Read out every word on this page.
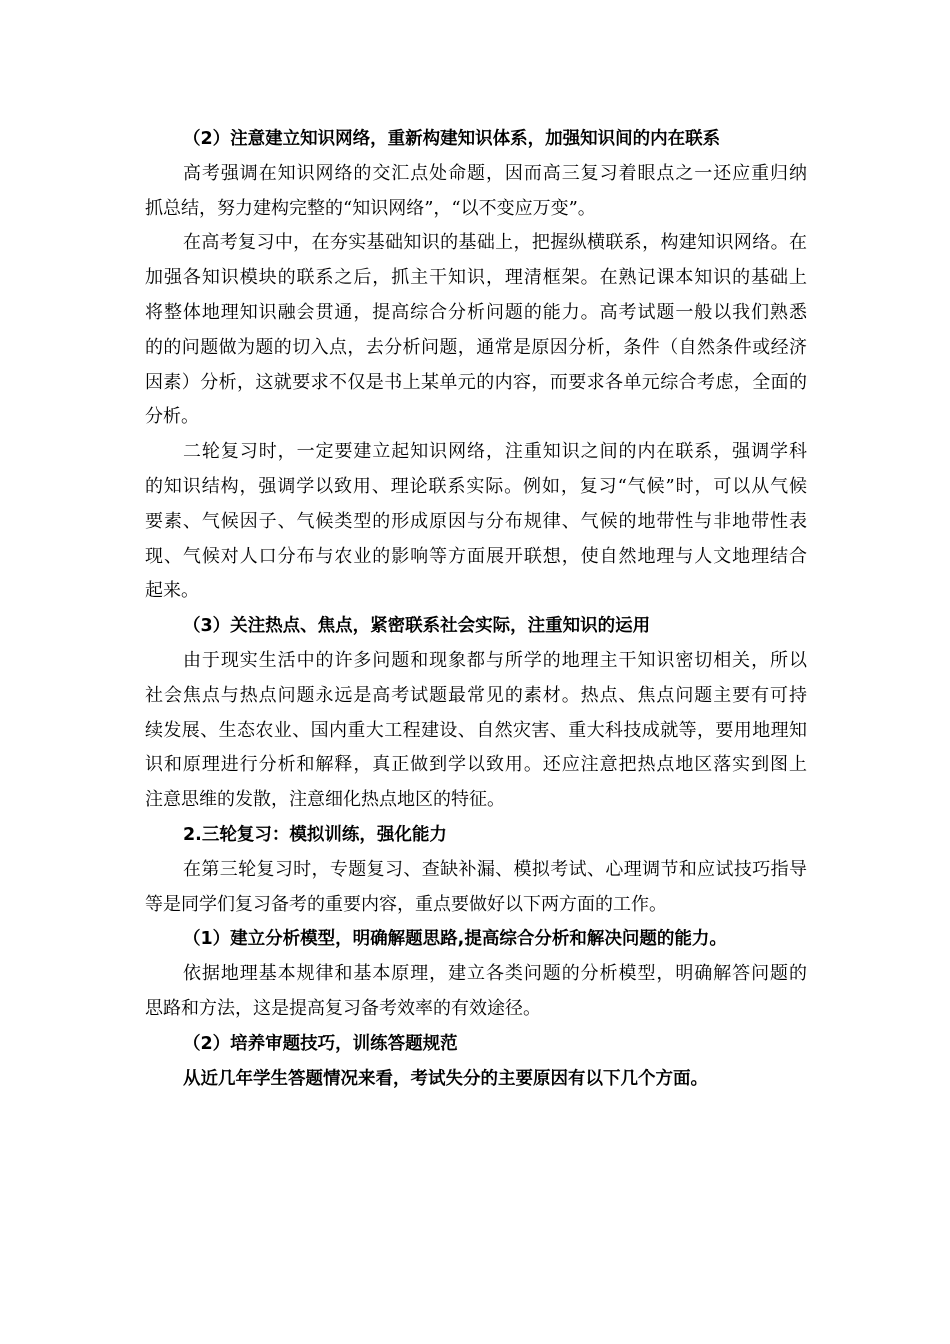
（2）注意建立知识网络，重新构建知识体系，加强知识间的内在联系
高考强调在知识网络的交汇点处命题，因而高三复习着眼点之一还应重归纳
抓总结，努力建构完整的“知识网络”，“以不变应万变”。
在高考复习中，在夯实基础知识的基础上，把握纵横联系，构建知识网络。在
加强各知识模块的联系之后，抓主干知识，理清框架。在熟记课本知识的基础上
将整体地理知识融会贯通，提高综合分析问题的能力。高考试题一般以我们熟悉
的的问题做为题的切入点，去分析问题，通常是原因分析，条件（自然条件或经济
因素）分析，这就要求不仅是书上某单元的内容，而要求各单元综合考虑，全面的
分析。
二轮复习时，一定要建立起知识网络，注重知识之间的内在联系，强调学科
的知识结构，强调学以致用、理论联系实际。例如，复习“气候”时，可以从气候
要素、气候因子、气候类型的形成原因与分布规律、气候的地带性与非地带性表
现、气候对人口分布与农业的影响等方面展开联想，使自然地理与人文地理结合
起来。
（3）关注热点、焦点，紧密联系社会实际，注重知识的运用
由于现实生活中的许多问题和现象都与所学的地理主干知识密切相关，所以
社会焦点与热点问题永远是高考试题最常见的素材。热点、焦点问题主要有可持
续发展、生态农业、国内重大工程建设、自然灾害、重大科技成就等，要用地理知
识和原理进行分析和解释，真正做到学以致用。还应注意把热点地区落实到图上
注意思维的发散，注意细化热点地区的特征。
2.三轮复习：模拟训练，强化能力
在第三轮复习时，专题复习、查缺补漏、模拟考试、心理调节和应试技巧指导
等是同学们复习备考的重要内容，重点要做好以下两方面的工作。
（1）建立分析模型，明确解题思路,提高综合分析和解决问题的能力。
依据地理基本规律和基本原理，建立各类问题的分析模型，明确解答问题的
思路和方法，这是提高复习备考效率的有效途径。
（2）培养审题技巧，训练答题规范
从近几年学生答题情况来看，考试失分的主要原因有以下几个方面。
